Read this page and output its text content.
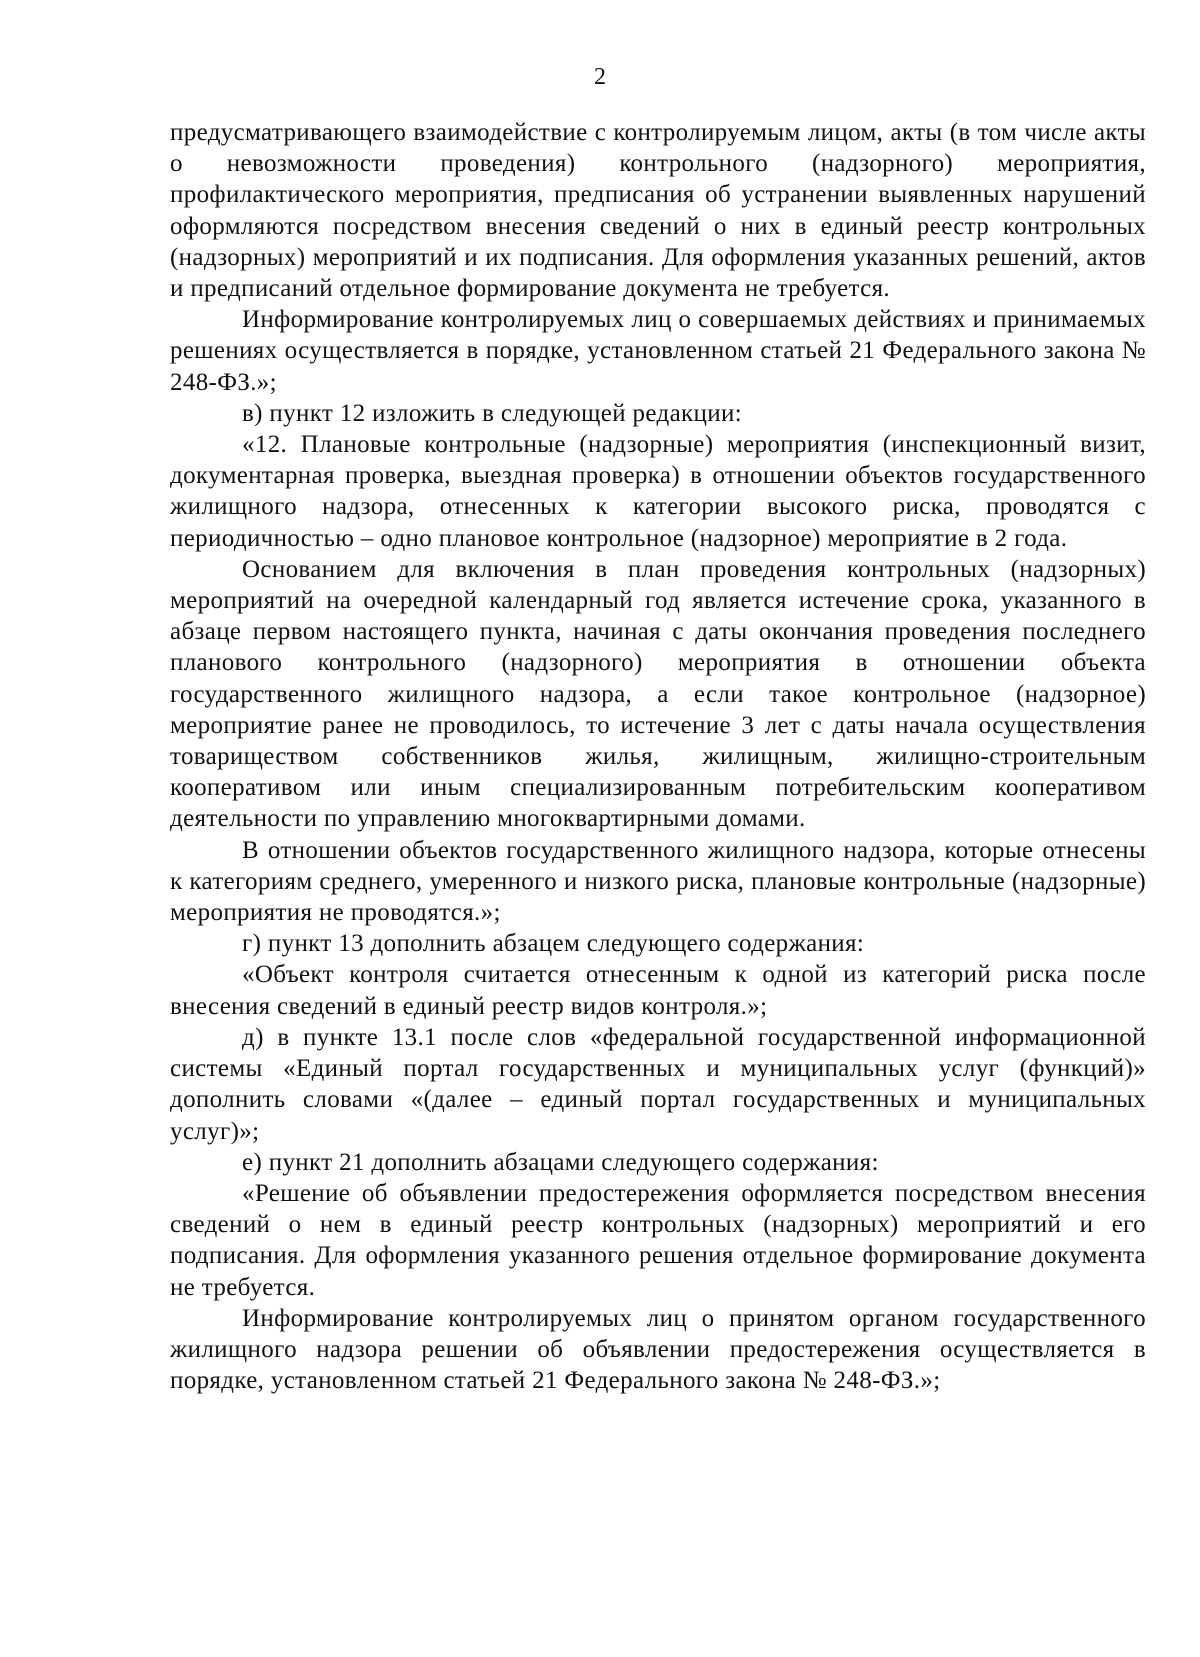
2

предусматривающего взаимодействие с контролируемым лицом, акты (в том числе акты о невозможности проведения) контрольного (надзорного) мероприятия, профилактического мероприятия, предписания об устранении выявленных нарушений оформляются посредством внесения сведений о них в единый реестр контрольных (надзорных) мероприятий и их подписания. Для оформления указанных решений, актов и предписаний отдельное формирование документа не требуется.

Информирование контролируемых лиц о совершаемых действиях и принимаемых решениях осуществляется в порядке, установленном статьей 21 Федерального закона № 248-ФЗ.»;

в) пункт 12 изложить в следующей редакции:

«12. Плановые контрольные (надзорные) мероприятия (инспекционный визит, документарная проверка, выездная проверка) в отношении объектов государственного жилищного надзора, отнесенных к категории высокого риска, проводятся с периодичностью – одно плановое контрольное (надзорное) мероприятие в 2 года.

Основанием для включения в план проведения контрольных (надзорных) мероприятий на очередной календарный год является истечение срока, указанного в абзаце первом настоящего пункта, начиная с даты окончания проведения последнего планового контрольного (надзорного) мероприятия в отношении объекта государственного жилищного надзора, а если такое контрольное (надзорное) мероприятие ранее не проводилось, то истечение 3 лет с даты начала осуществления товариществом собственников жилья, жилищным, жилищно-строительным кооперативом или иным специализированным потребительским кооперативом деятельности по управлению многоквартирными домами.

В отношении объектов государственного жилищного надзора, которые отнесены к категориям среднего, умеренного и низкого риска, плановые контрольные (надзорные) мероприятия не проводятся.»;

г) пункт 13 дополнить абзацем следующего содержания:

«Объект контроля считается отнесенным к одной из категорий риска после внесения сведений в единый реестр видов контроля.»;

д) в пункте 13.1 после слов «федеральной государственной информационной системы «Единый портал государственных и муниципальных услуг (функций)» дополнить словами «(далее – единый портал государственных и муниципальных услуг)»;

е) пункт 21 дополнить абзацами следующего содержания:

«Решение об объявлении предостережения оформляется посредством внесения сведений о нем в единый реестр контрольных (надзорных) мероприятий и его подписания. Для оформления указанного решения отдельное формирование документа не требуется.

Информирование контролируемых лиц о принятом органом государственного жилищного надзора решении об объявлении предостережения осуществляется в порядке, установленном статьей 21 Федерального закона № 248-ФЗ.»;
